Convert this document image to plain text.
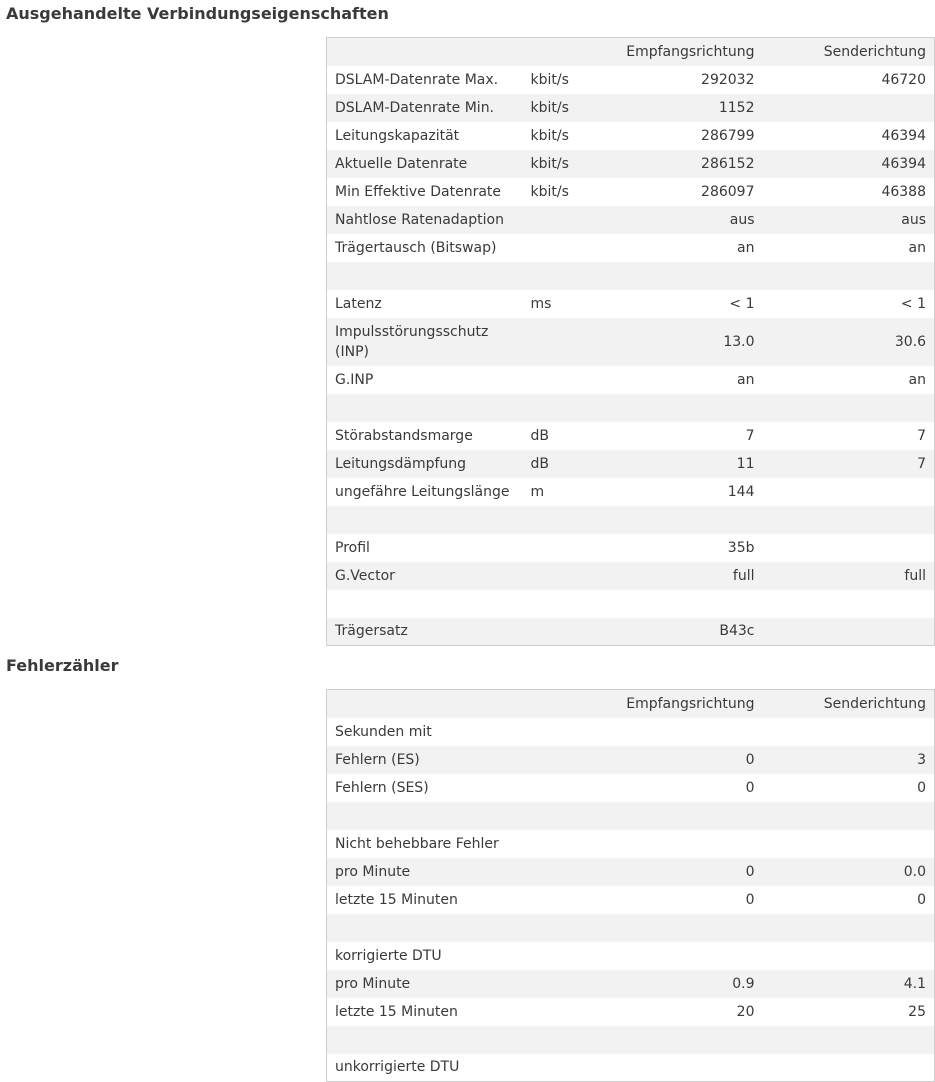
Ausgehandelte Verbindungseigenschaften
		Empfangsrichtung	Senderichtung
DSLAM-Datenrate Max.	kbit/s	292032	46720
DSLAM-Datenrate Min.	kbit/s	1152	
Leitungskapazität	kbit/s	286799	46394
Aktuelle Datenrate	kbit/s	286152	46394
Min Effektive Datenrate	kbit/s	286097	46388
Nahtlose Ratenadaption		aus	aus
Trägertausch (Bitswap)		an	an

Latenz	ms	< 1	< 1
Impulsstörungsschutz (INP)		13.0	30.6
G.INP		an	an

Störabstandsmarge	dB	7	7
Leitungsdämpfung	dB	11	7
ungefähre Leitungslänge	m	144	

Profil		35b	
G.Vector		full	full

Trägersatz		B43c	
Fehlerzähler
		Empfangsrichtung	Senderichtung
Sekunden mit			
Fehlern (ES)		0	3
Fehlern (SES)		0	0

Nicht behebbare Fehler			
pro Minute		0	0.0
letzte 15 Minuten		0	0

korrigierte DTU			
pro Minute		0.9	4.1
letzte 15 Minuten		20	25

unkorrigierte DTU			
